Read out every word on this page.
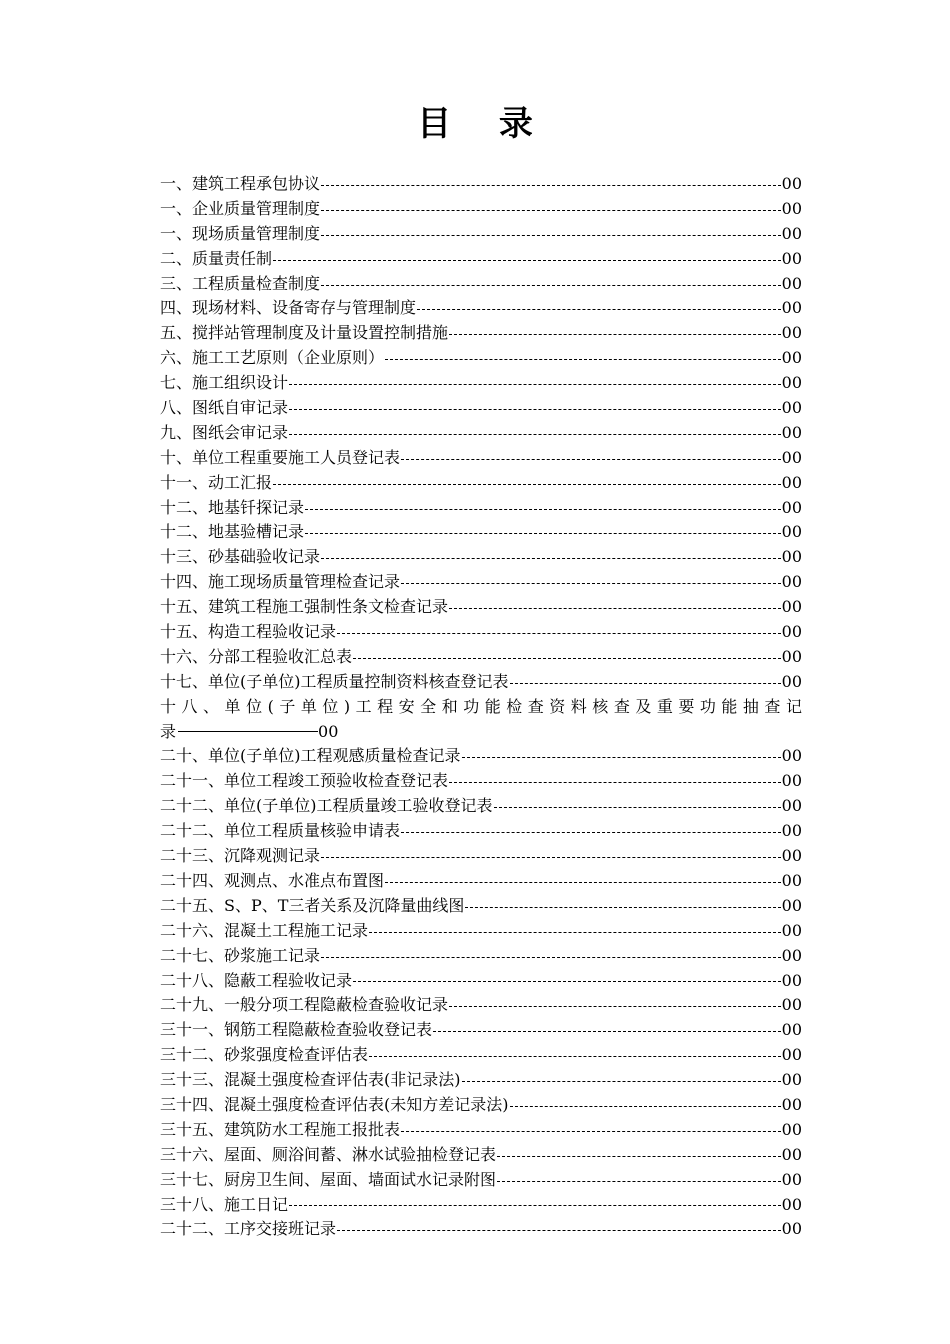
目 录
一、建筑工程承包协议	00
一、企业质量管理制度	00
一、现场质量管理制度	00
二、质量责任制	00
三、工程质量检查制度	00
四、现场材料、设备寄存与管理制度	00
五、搅拌站管理制度及计量设置控制措施	00
六、施工工艺原则（企业原则）	00
七、施工组织设计	00
八、图纸自审记录	00
九、图纸会审记录	00
十、单位工程重要施工人员登记表	00
十一、动工汇报	00
十二、地基钎探记录	00
十二、地基验槽记录	00
十三、砂基础验收记录	00
十四、施工现场质量管理检查记录	00
十五、建筑工程施工强制性条文检查记录	00
十五、构造工程验收记录	00
十六、分部工程验收汇总表	00
十七、单位(子单位)工程质量控制资料核查登记表	00
十 八 、 单 位 ( 子 单 位 ) 工 程 安 全 和 功 能 检 查 资 料 核 查 及 重 要 功 能 抽 查 记
录	00
二十、单位(子单位)工程观感质量检查记录	00
二十一、单位工程竣工预验收检查登记表	00
二十二、单位(子单位)工程质量竣工验收登记表	00
二十二、单位工程质量核验申请表	00
二十三、沉降观测记录	00
二十四、观测点、水准点布置图	00
二十五、S、P、T三者关系及沉降量曲线图	00
二十六、混凝土工程施工记录	00
二十七、砂浆施工记录	00
二十八、隐蔽工程验收记录	00
二十九、一般分项工程隐蔽检查验收记录	00
三十一、钢筋工程隐蔽检查验收登记表	00
三十二、砂浆强度检查评估表	00
三十三、混凝土强度检查评估表(非记录法)	00
三十四、混凝土强度检查评估表(未知方差记录法)	00
三十五、建筑防水工程施工报批表	00
三十六、屋面、厕浴间蓄、淋水试验抽检登记表	00
三十七、厨房卫生间、屋面、墙面试水记录附图	00
三十八、施工日记	00
二十二、工序交接班记录	00
